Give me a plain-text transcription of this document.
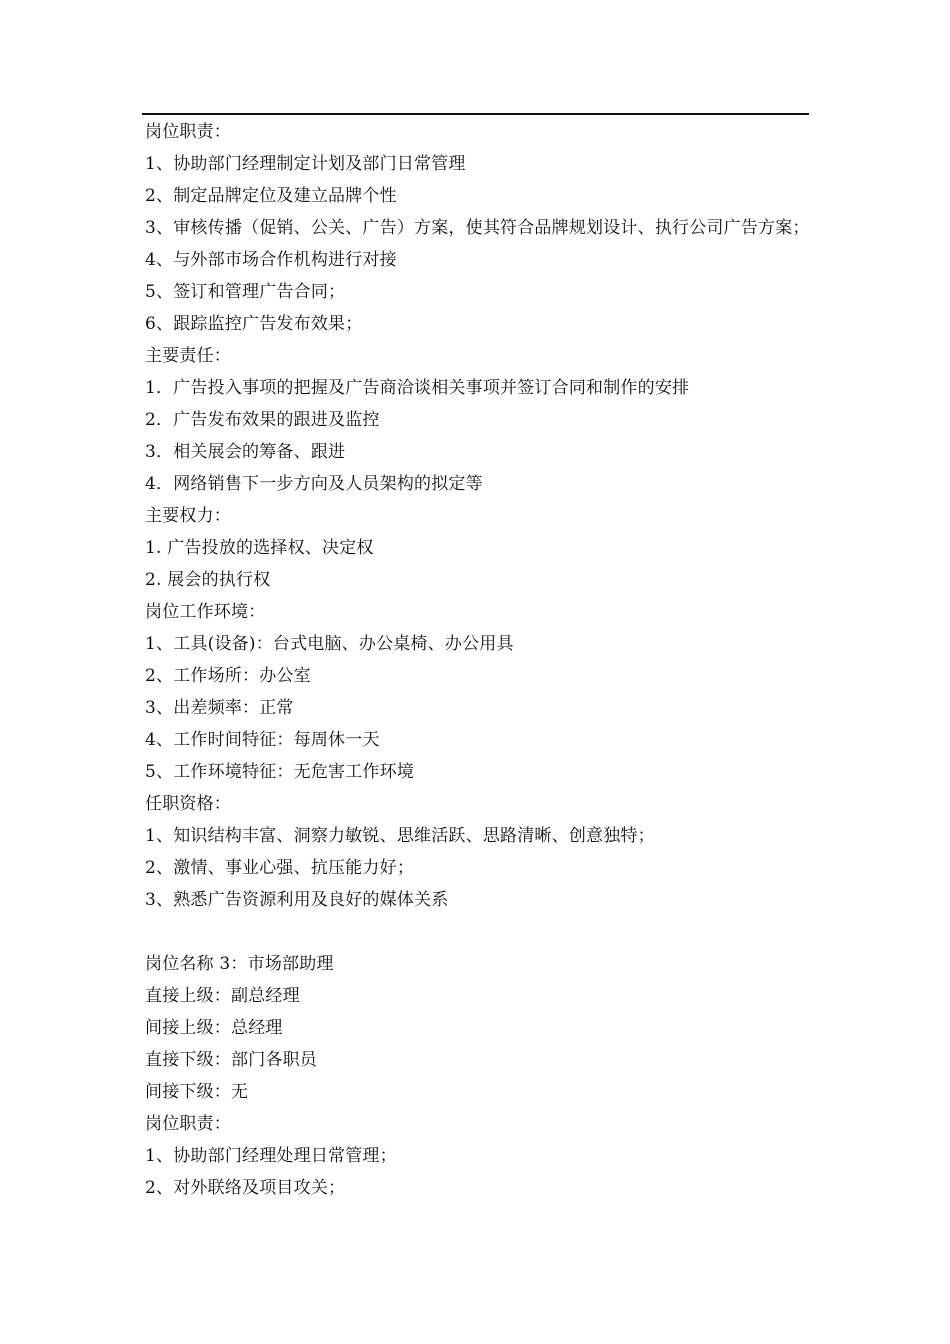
岗位职责：
1、协助部门经理制定计划及部门日常管理
2、制定品牌定位及建立品牌个性
3、审核传播（促销、公关、广告）方案，使其符合品牌规划设计、执行公司广告方案；
4、与外部市场合作机构进行对接
5、签订和管理广告合同；
6、跟踪监控广告发布效果；
主要责任：
1．广告投入事项的把握及广告商洽谈相关事项并签订合同和制作的安排
2．广告发布效果的跟进及监控
3．相关展会的筹备、跟进
4．网络销售下一步方向及人员架构的拟定等
主要权力：
1. 广告投放的选择权、决定权
2. 展会的执行权
岗位工作环境：
1、工具(设备)：台式电脑、办公桌椅、办公用具
2、工作场所：办公室
3、出差频率：正常
4、工作时间特征：每周休一天
5、工作环境特征：无危害工作环境
任职资格：
1、知识结构丰富、洞察力敏锐、思维活跃、思路清晰、创意独特；
2、激情、事业心强、抗压能力好；
3、熟悉广告资源利用及良好的媒体关系
岗位名称 3：市场部助理
直接上级：副总经理
间接上级：总经理
直接下级：部门各职员
间接下级：无
岗位职责：
1、协助部门经理处理日常管理；
2、对外联络及项目攻关；
